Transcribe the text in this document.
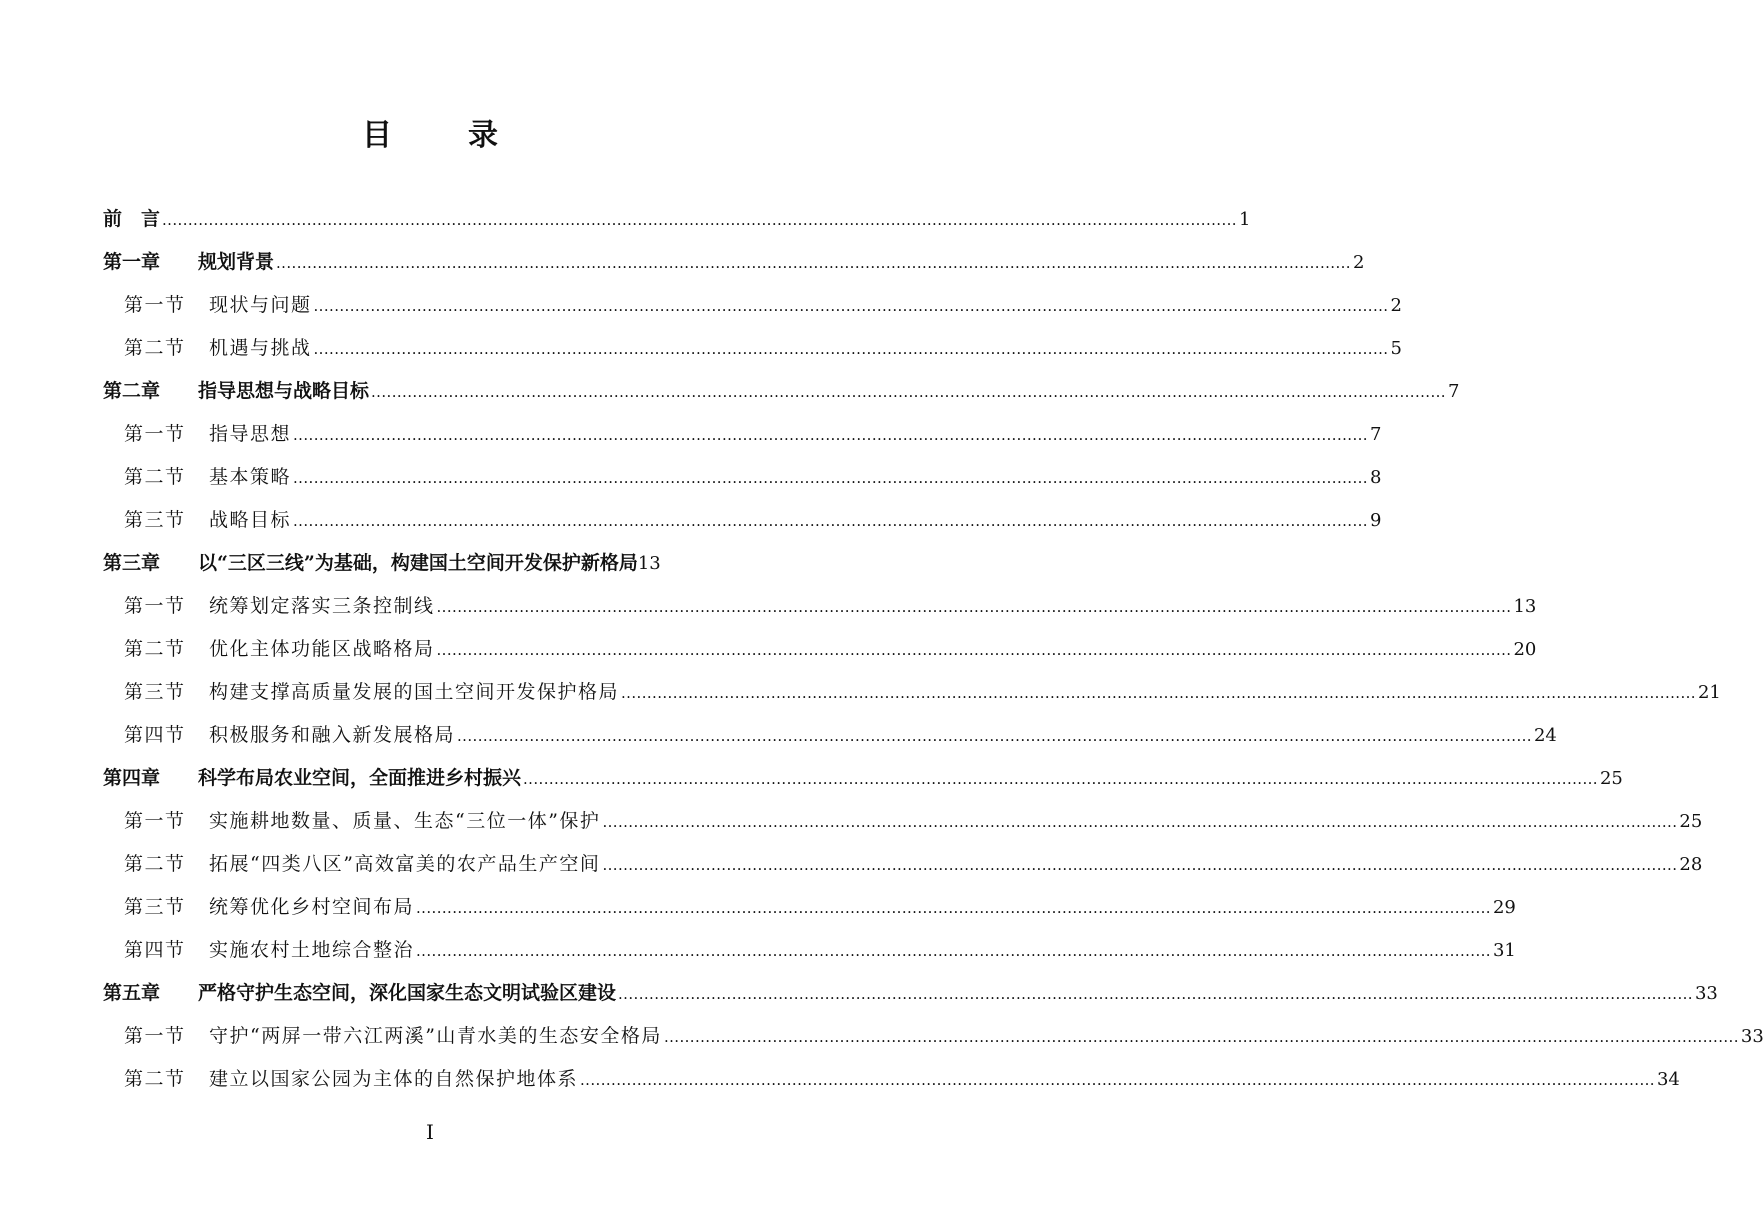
目	录
前　言 .....	1
第一章	规划背景 .....	2
第一节	现状与问题 .....	2
第二节	机遇与挑战 .....	5
第二章	指导思想与战略目标 .....	7
第一节	指导思想 .....	7
第二节	基本策略 .....	8
第三节	战略目标 .....	9
第三章	以“三区三线”为基础，构建国土空间开发保护新格局 13
第一节	统筹划定落实三条控制线 .....	13
第二节	优化主体功能区战略格局 .....	20
第三节	构建支撑高质量发展的国土空间开发保护格局 .....	21
第四节	积极服务和融入新发展格局 .....	24
第四章	科学布局农业空间，全面推进乡村振兴 .....	25
第一节	实施耕地数量、质量、生态“三位一体”保护 .....	25
第二节	拓展“四类八区”高效富美的农产品生产空间 .....	28
第三节	统筹优化乡村空间布局 .....	29
第四节	实施农村土地综合整治 .....	31
第五章	严格守护生态空间，深化国家生态文明试验区建设 .....	33
第一节	守护“两屏一带六江两溪”山青水美的生态安全格局 .....	33
第二节	建立以国家公园为主体的自然保护地体系 .....	34
I
